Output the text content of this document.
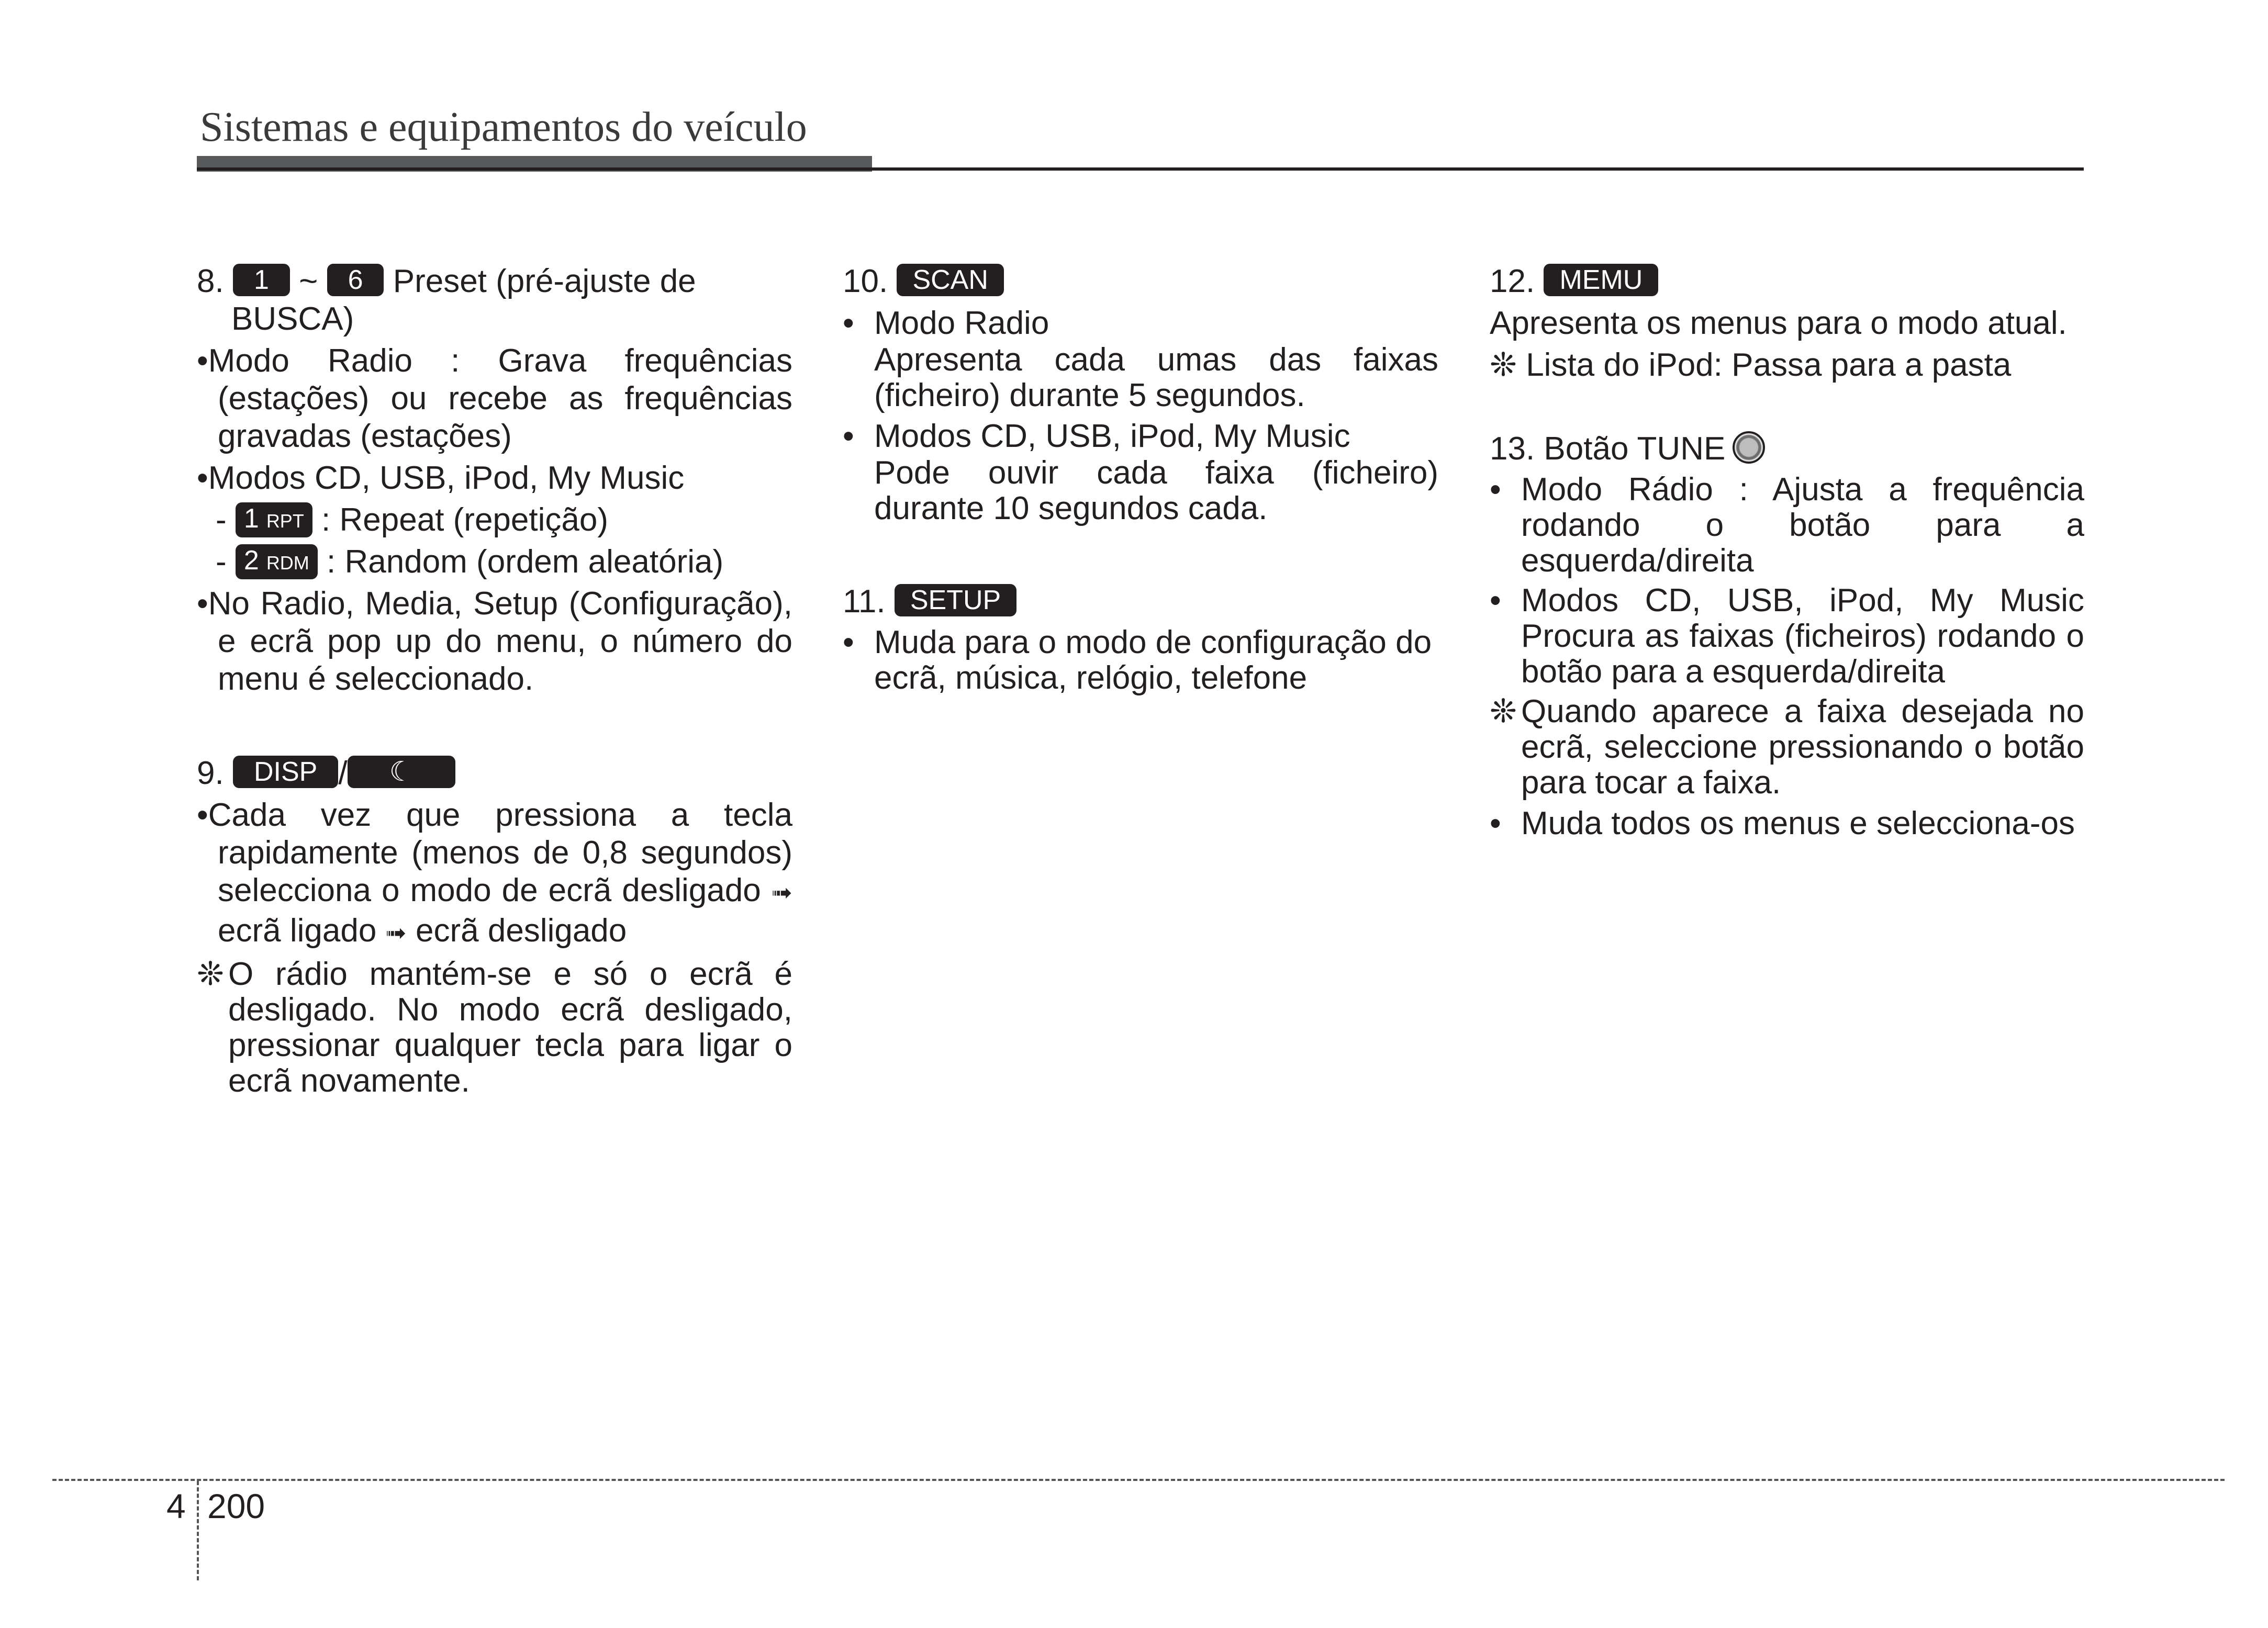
Sistemas e equipamentos do veículo
8. 1 ~ 6 Preset (pré-ajuste de
BUSCA)
•Modo Radio : Grava frequências (estações) ou recebe as frequências gravadas (estações)
•Modos CD, USB, iPod, My Music
- 1 RPT : Repeat (repetição)
- 2 RDM : Random (ordem aleatória)
•No Radio, Media, Setup (Configuração), e ecrã pop up do menu, o número do menu é seleccionado.
9. DISP / ☾
•Cada vez que pressiona a tecla rapidamente (menos de 0,8 segundos) selecciona o modo de ecrã desligado ➟ ecrã ligado ➟ ecrã desligado
❊ O rádio mantém-se e só o ecrã é desligado. No modo ecrã desligado, pressionar qualquer tecla para ligar o ecrã novamente.
10. SCAN
• Modo Radio
Apresenta cada umas das faixas (ficheiro) durante 5 segundos.
• Modos CD, USB, iPod, My Music
Pode ouvir cada faixa (ficheiro) durante 10 segundos cada.
11. SETUP
• Muda para o modo de configuração do ecrã, música, relógio, telefone
12. MEMU
Apresenta os menus para o modo atual.
❊ Lista do iPod: Passa para a pasta
13. Botão TUNE
• Modo Rádio : Ajusta a frequência rodando o botão para a esquerda/direita
• Modos CD, USB, iPod, My Music Procura as faixas (ficheiros) rodando o botão para a esquerda/direita
❊ Quando aparece a faixa desejada no ecrã, seleccione pressionando o botão para tocar a faixa.
• Muda todos os menus e selecciona-os
4 200
